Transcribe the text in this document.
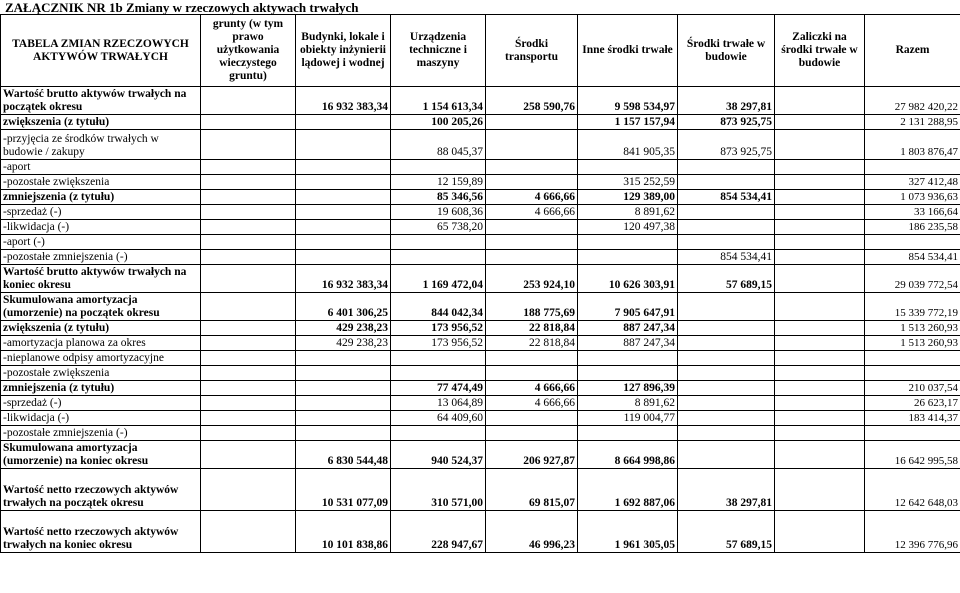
ZAŁĄCZNIK NR 1b Zmiany w rzeczowych aktywach trwałych
TABELA ZMIAN RZECZOWYCH AKTYWÓW TRWAŁYCH	grunty (w tym prawo użytkowania wieczystego gruntu)	Budynki, lokale i obiekty inżynierii lądowej i wodnej	Urządzenia techniczne i maszyny	Środki transportu	Inne środki trwałe	Środki trwałe w budowie	Zaliczki na środki trwałe w budowie	Razem
Wartość brutto aktywów trwałych na początek okresu		16 932 383,34	1 154 613,34	258 590,76	9 598 534,97	38 297,81		27 982 420,22
zwiększenia (z tytułu)			100 205,26		1 157 157,94	873 925,75		2 131 288,95
-przyjęcia ze środków trwałych w budowie / zakupy			88 045,37		841 905,35	873 925,75		1 803 876,47
-aport								
-pozostałe zwiększenia			12 159,89		315 252,59			327 412,48
zmniejszenia (z tytułu)			85 346,56	4 666,66	129 389,00	854 534,41		1 073 936,63
-sprzedaż (-)			19 608,36	4 666,66	8 891,62			33 166,64
-likwidacja (-)			65 738,20		120 497,38			186 235,58
-aport (-)								
-pozostałe zmniejszenia (-)						854 534,41		854 534,41
Wartość brutto aktywów trwałych na koniec okresu		16 932 383,34	1 169 472,04	253 924,10	10 626 303,91	57 689,15		29 039 772,54
Skumulowana amortyzacja (umorzenie) na początek okresu		6 401 306,25	844 042,34	188 775,69	7 905 647,91			15 339 772,19
zwiększenia (z tytułu)		429 238,23	173 956,52	22 818,84	887 247,34			1 513 260,93
-amortyzacja planowa za okres		429 238,23	173 956,52	22 818,84	887 247,34			1 513 260,93
-nieplanowe odpisy amortyzacyjne								
-pozostałe zwiększenia								
zmniejszenia (z tytułu)			77 474,49	4 666,66	127 896,39			210 037,54
-sprzedaż (-)			13 064,89	4 666,66	8 891,62			26 623,17
-likwidacja (-)			64 409,60		119 004,77			183 414,37
-pozostałe zmniejszenia (-)								
Skumulowana amortyzacja (umorzenie) na koniec okresu		6 830 544,48	940 524,37	206 927,87	8 664 998,86			16 642 995,58
Wartość netto rzeczowych aktywów trwałych na początek okresu		10 531 077,09	310 571,00	69 815,07	1 692 887,06	38 297,81		12 642 648,03
Wartość netto rzeczowych aktywów trwałych na koniec okresu		10 101 838,86	228 947,67	46 996,23	1 961 305,05	57 689,15		12 396 776,96
